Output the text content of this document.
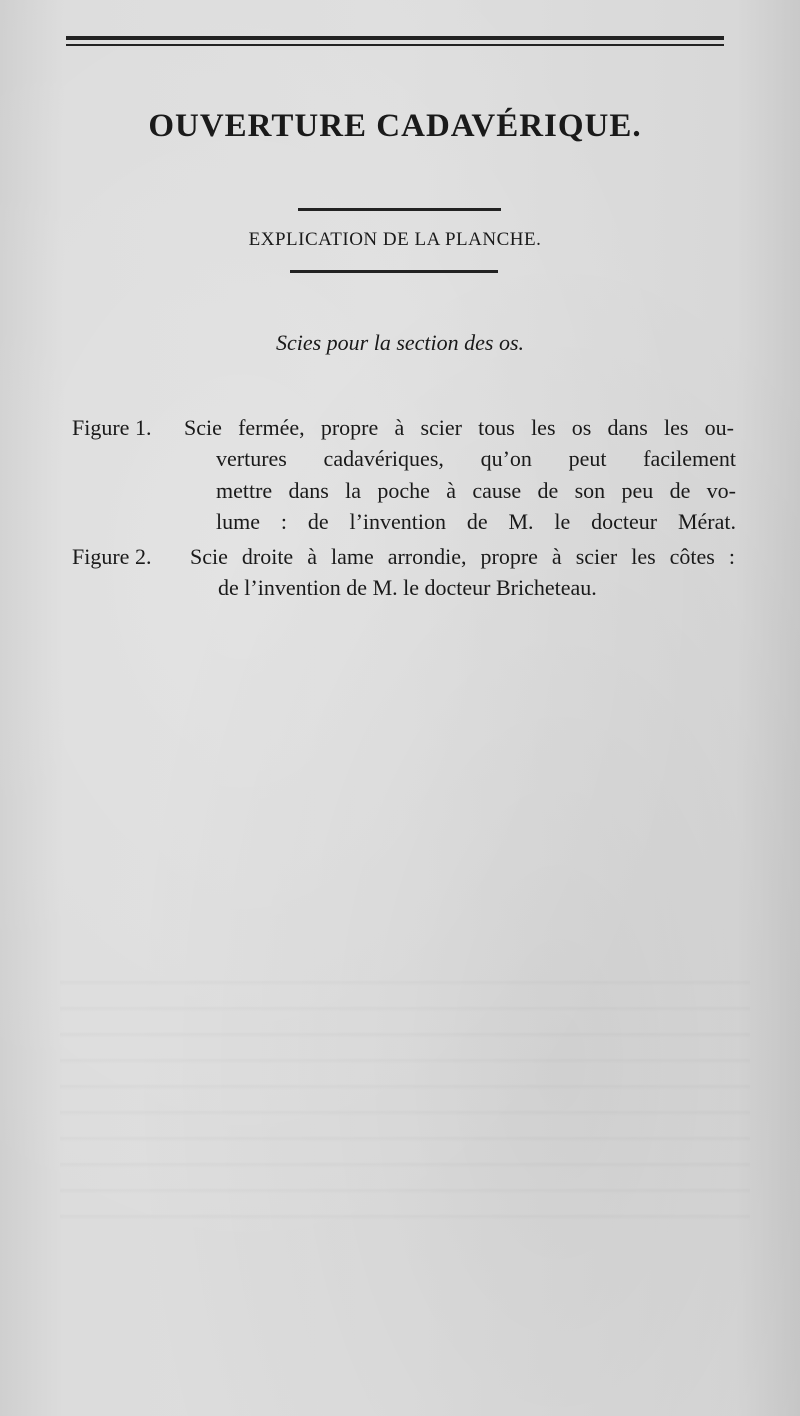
OUVERTURE CADAVÉRIQUE.
EXPLICATION DE LA PLANCHE.
Scies pour la section des os.
Figure 1. Scie fermée, propre à scier tous les os dans les ou-
vertures cadavériques, qu’on peut facilement
mettre dans la poche à cause de son peu de vo-
lume : de l’invention de M. le docteur Mérat.
Figure 2. Scie droite à lame arrondie, propre à scier les côtes :
de l’invention de M. le docteur Bricheteau.
